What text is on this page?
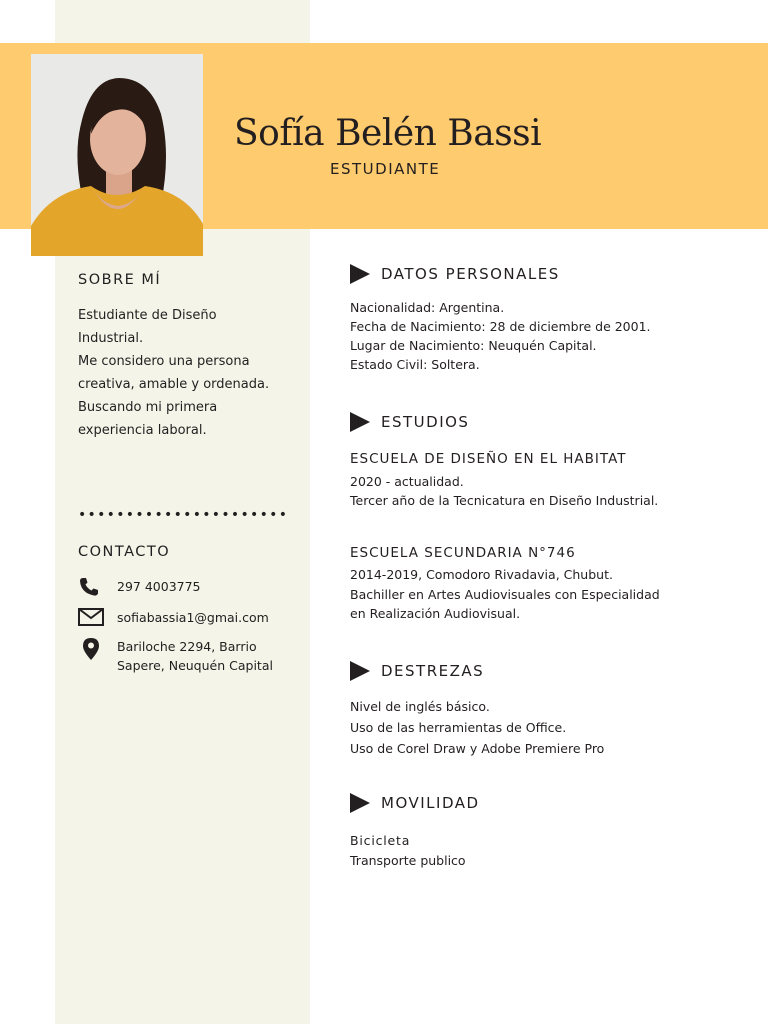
Sofía Belén Bassi
ESTUDIANTE
SOBRE MÍ
Estudiante de Diseño
Industrial.
Me considero una persona
creativa, amable y ordenada.
Buscando mi primera
experiencia laboral.
••••••••••••••••••••••
CONTACTO
297 4003775
sofiabassia1@gmai.com
Bariloche 2294, Barrio
Sapere, Neuquén Capital
DATOS PERSONALES
Nacionalidad: Argentina.
Fecha de Nacimiento: 28 de diciembre de 2001.
Lugar de Nacimiento: Neuquén Capital.
Estado Civil: Soltera.
ESTUDIOS
ESCUELA DE DISEÑO EN EL HABITAT
2020 - actualidad.
Tercer año de la Tecnicatura en Diseño Industrial.
ESCUELA SECUNDARIA N°746
2014-2019, Comodoro Rivadavia, Chubut.
Bachiller en Artes Audiovisuales con Especialidad
en Realización Audiovisual.
DESTREZAS
Nivel de inglés básico.
Uso de las herramientas de Office.
Uso de Corel Draw y Adobe Premiere Pro
MOVILIDAD
Bicicleta
Transporte publico
